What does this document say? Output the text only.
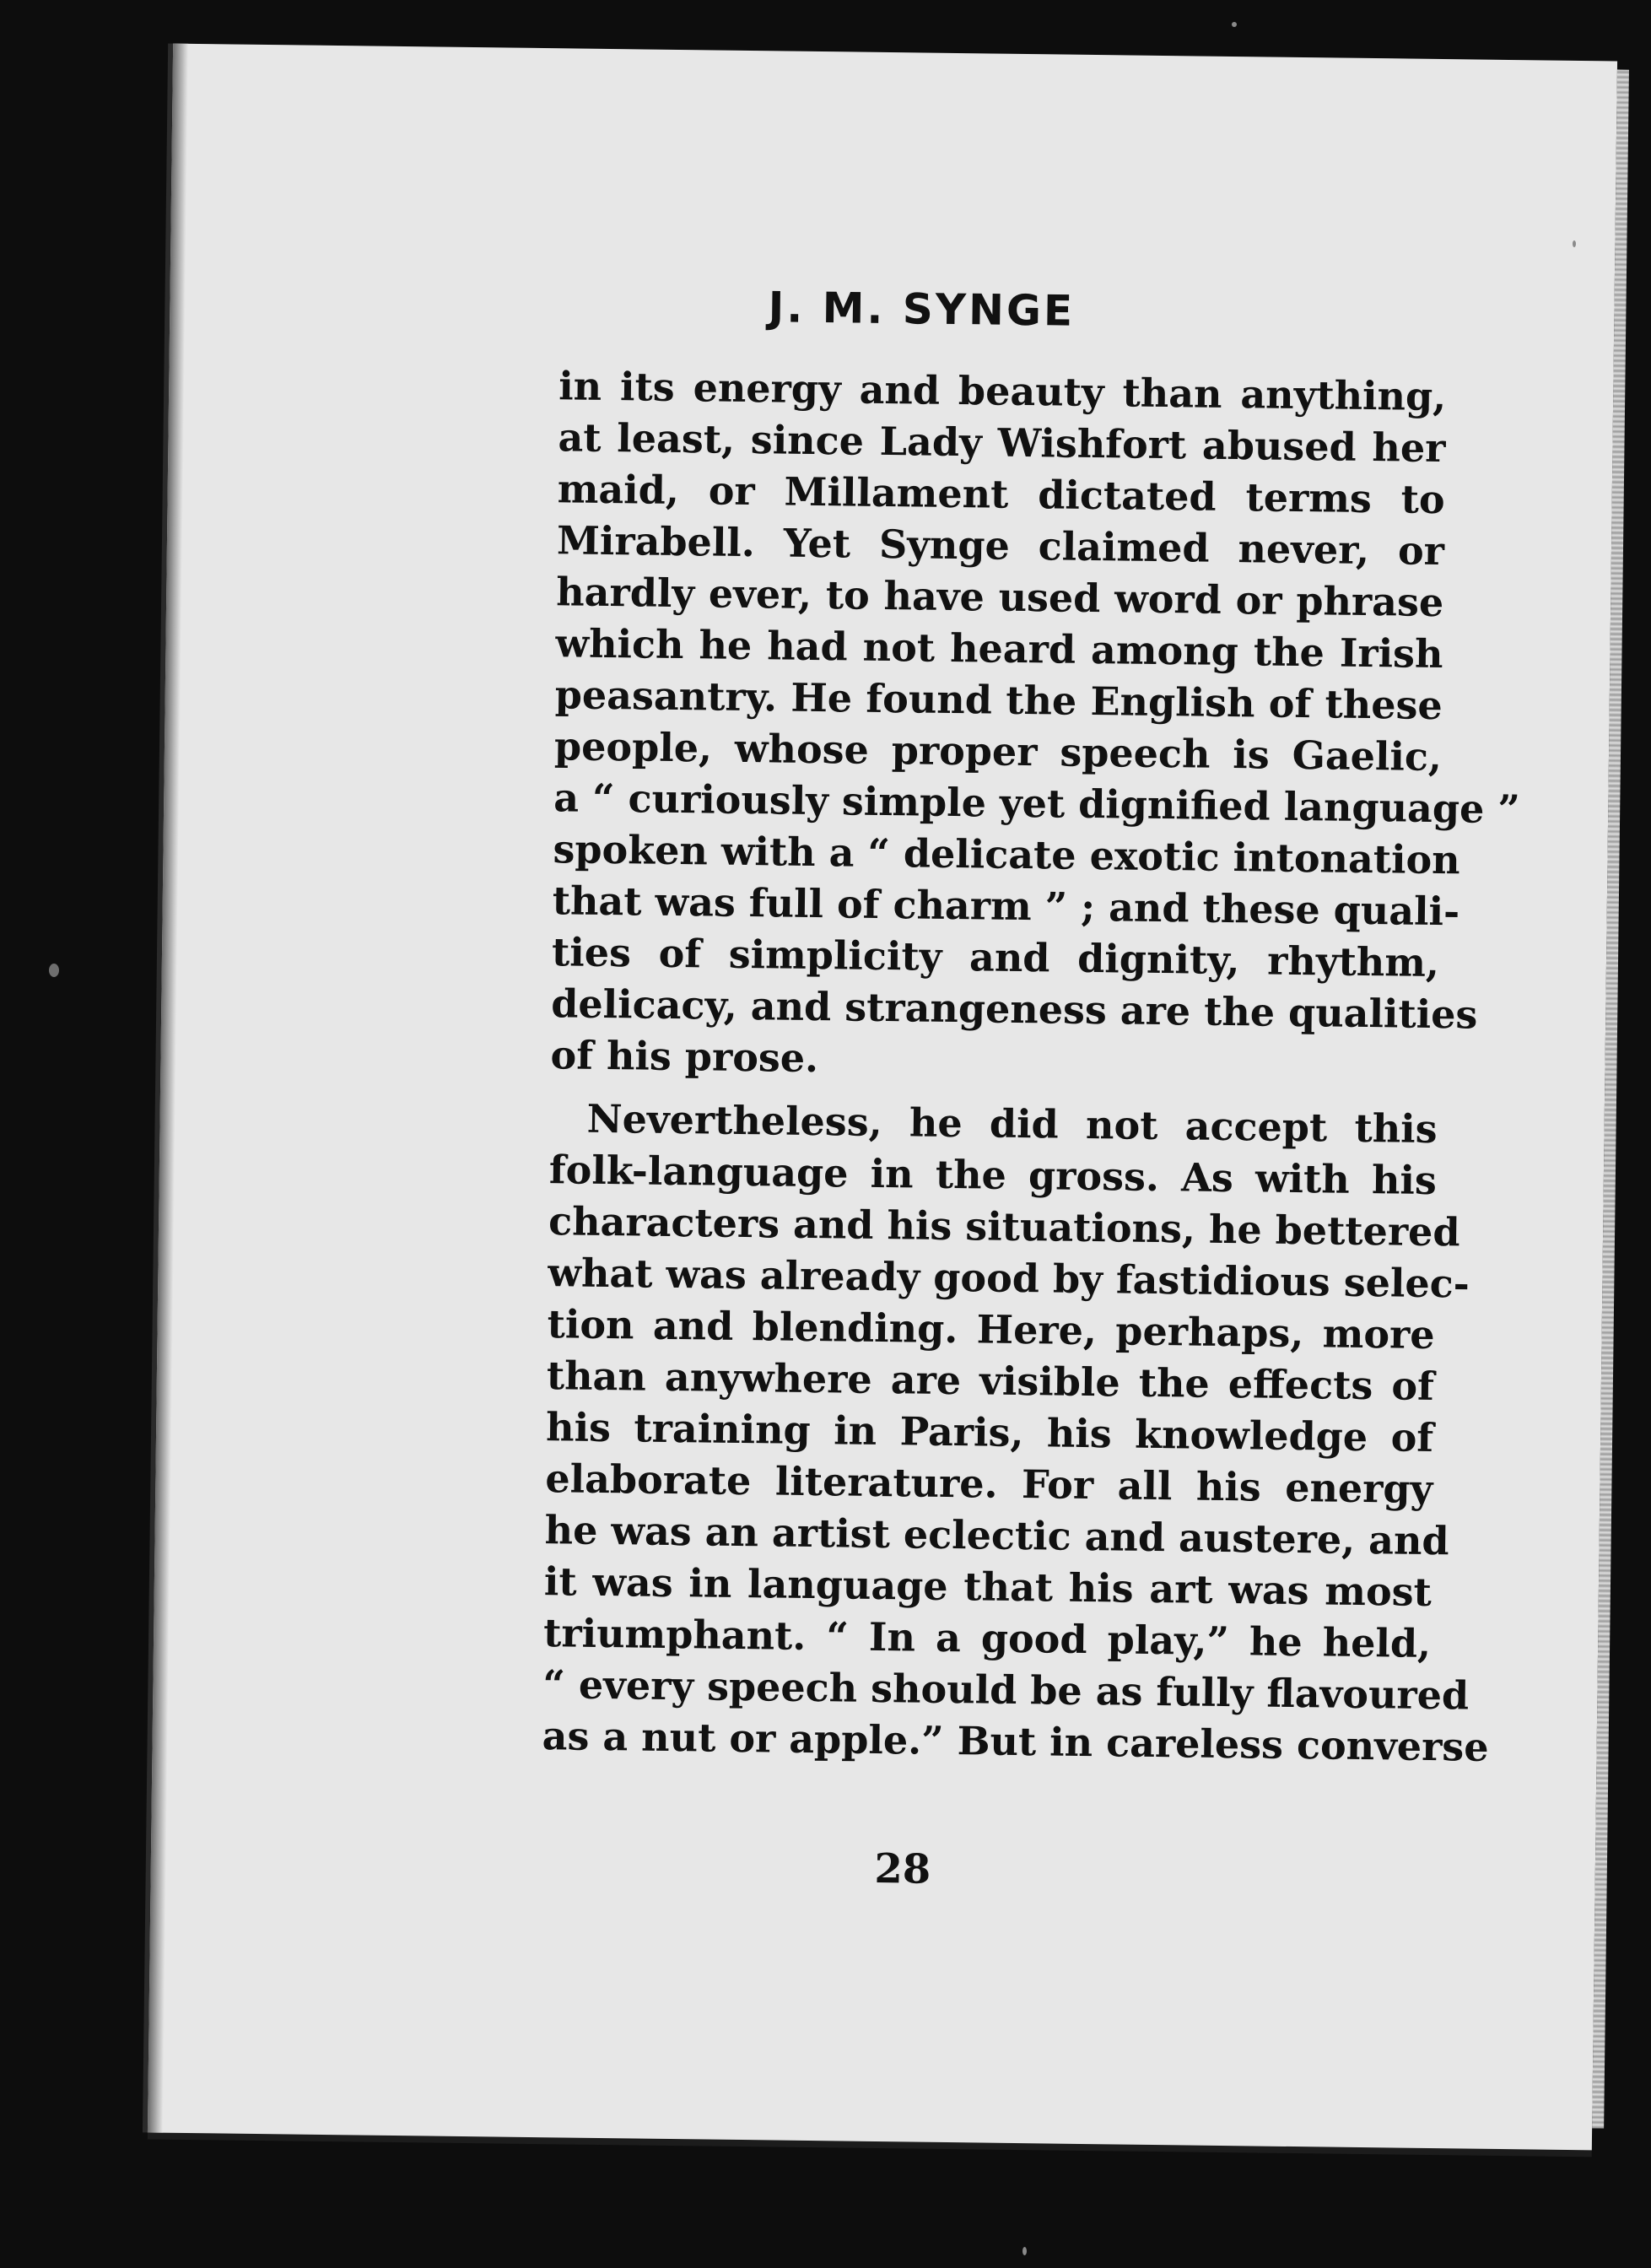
J. M. SYNGE
in its energy and beauty than anything,
at least, since Lady Wishfort abused her
maid, or Millament dictated terms to
Mirabell. Yet Synge claimed never, or
hardly ever, to have used word or phrase
which he had not heard among the Irish
peasantry. He found the English of these
people, whose proper speech is Gaelic,
a “ curiously simple yet dignified language ”
spoken with a “ delicate exotic intonation
that was full of charm ” ; and these quali-
ties of simplicity and dignity, rhythm,
delicacy, and strangeness are the qualities
of his prose.
Nevertheless, he did not accept this
folk-language in the gross. As with his
characters and his situations, he bettered
what was already good by fastidious selec-
tion and blending. Here, perhaps, more
than anywhere are visible the effects of
his training in Paris, his knowledge of
elaborate literature. For all his energy
he was an artist eclectic and austere, and
it was in language that his art was most
triumphant. “ In a good play,” he held,
“ every speech should be as fully flavoured
as a nut or apple.” But in careless converse
28
